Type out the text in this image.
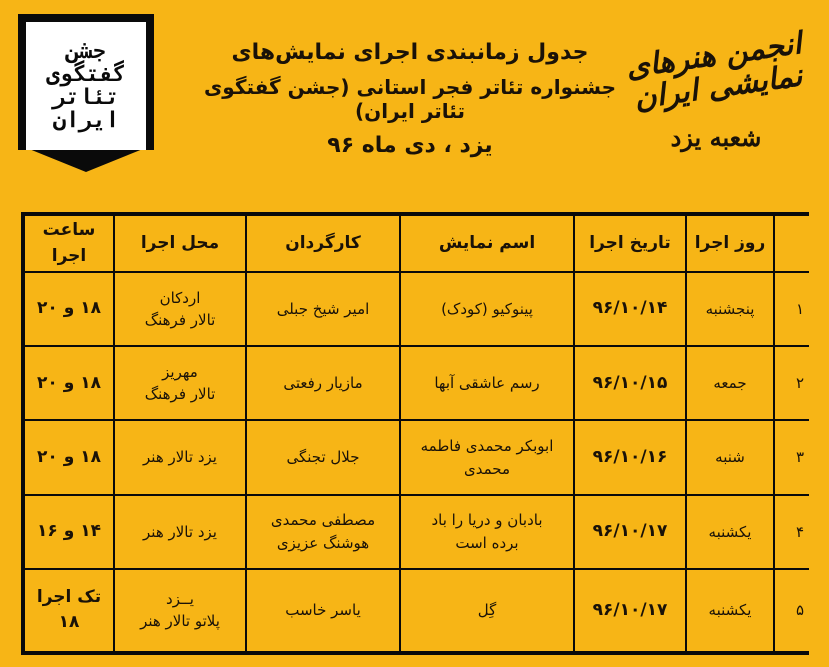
جشن
گفتگوی
تئاتر
ایران
جدول زمانبندی اجرای نمایش‌های
جشنواره تئاتر فجر استانی (جشن گفتگوی تئاتر ایران)
یزد ، دی ماه ۹۶
انجمن هنرهای نمایشی ایران
شعبه یزد
	روز اجرا	تاریخ اجرا	اسم نمایش	کارگردان	محل اجرا	ساعت اجرا
۱	پنجشنبه	۹۶/۱۰/۱۴	پینوکیو (کودک)	امیر شیخ جبلی	اردکان
تالار فرهنگ	۱۸ و ۲۰
۲	جمعه	۹۶/۱۰/۱۵	رسم عاشقی آبها	مازیار رفعتی	مهریز
تالار فرهنگ	۱۸ و ۲۰
۳	شنبه	۹۶/۱۰/۱۶	ابوبکر محمدی فاطمه
محمدی	جلال تجنگی	یزد تالار هنر	۱۸ و ۲۰
۴	یکشنبه	۹۶/۱۰/۱۷	بادبان و دریا را باد
برده است	مصطفی محمدی
هوشنگ عزیزی	یزد تالار هنر	۱۴ و ۱۶
۵	یکشنبه	۹۶/۱۰/۱۷	گِل	یاسر خاسب	یــزد
پلاتو تالار هنر	تک اجرا ۱۸
